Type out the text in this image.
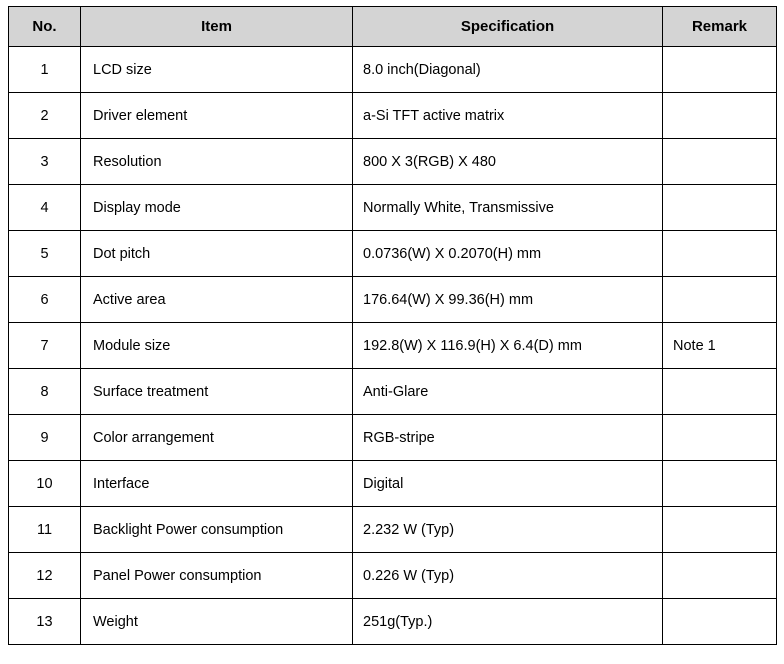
No.	Item	Specification	Remark
1	LCD size	8.0 inch(Diagonal)	
2	Driver element	a-Si TFT active matrix	
3	Resolution	800 X 3(RGB) X 480	
4	Display mode	Normally White, Transmissive	
5	Dot pitch	0.0736(W) X 0.2070(H) mm	
6	Active area	176.64(W) X 99.36(H) mm	
7	Module size	192.8(W) X 116.9(H) X 6.4(D) mm	Note 1
8	Surface treatment	Anti-Glare	
9	Color arrangement	RGB-stripe	
10	Interface	Digital	
11	Backlight Power consumption	2.232 W (Typ)	
12	Panel Power consumption	0.226 W (Typ)	
13	Weight	251g(Typ.)	
